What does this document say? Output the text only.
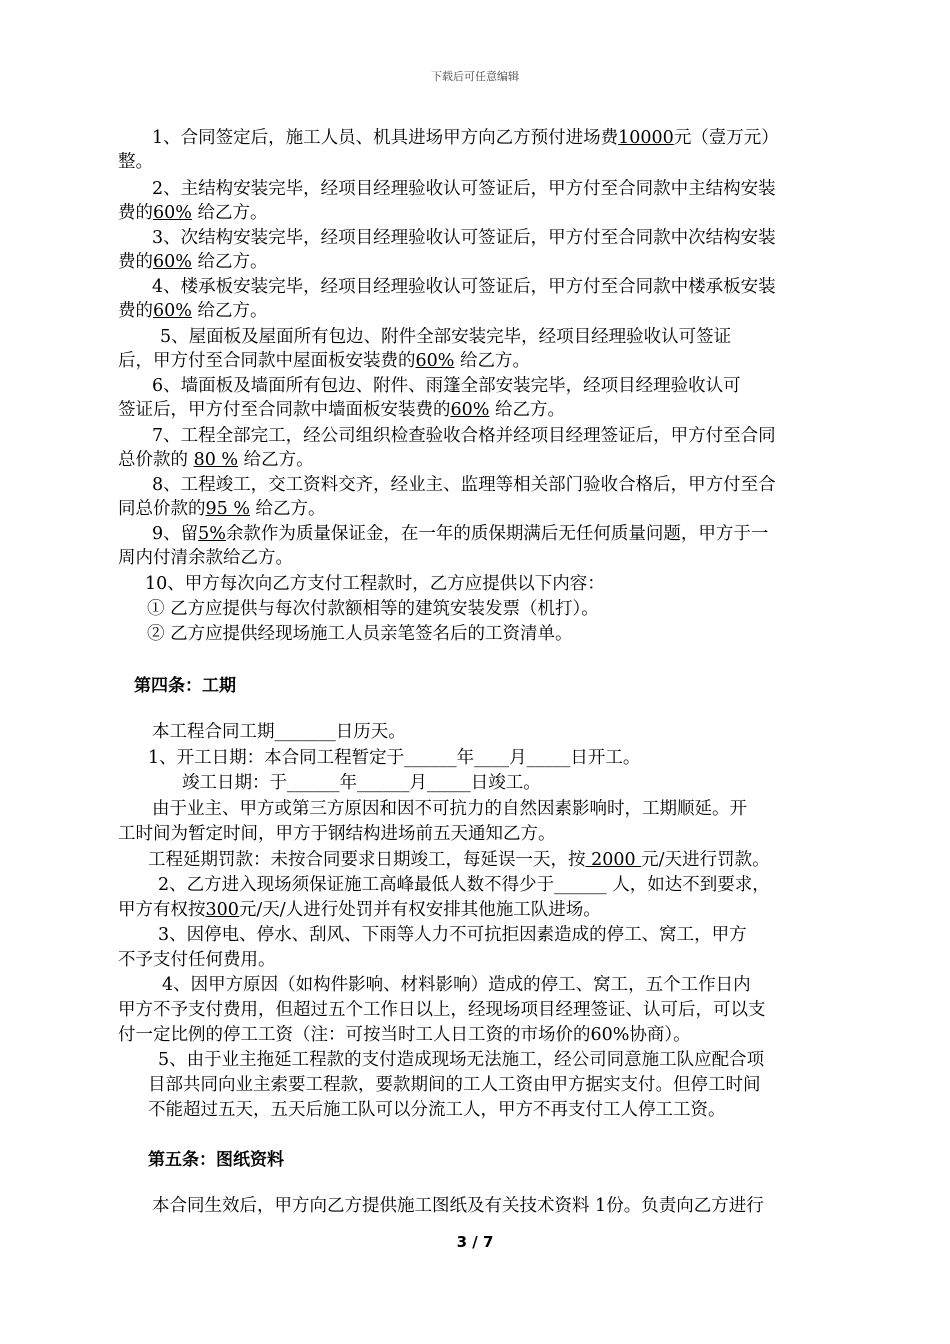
下载后可任意编辑
1、合同签定后，施工人员、机具进场甲方向乙方预付进场费10000元（壹万元）
整。
2、主结构安装完毕，经项目经理验收认可签证后，甲方付至合同款中主结构安装
费的60% 给乙方。
3、次结构安装完毕，经项目经理验收认可签证后，甲方付至合同款中次结构安装
费的60% 给乙方。
4、楼承板安装完毕，经项目经理验收认可签证后，甲方付至合同款中楼承板安装
费的60% 给乙方。
5、屋面板及屋面所有包边、附件全部安装完毕，经项目经理验收认可签证
后，甲方付至合同款中屋面板安装费的60% 给乙方。
6、墙面板及墙面所有包边、附件、雨篷全部安装完毕，经项目经理验收认可
签证后，甲方付至合同款中墙面板安装费的60% 给乙方。
7、工程全部完工，经公司组织检查验收合格并经项目经理签证后，甲方付至合同
总价款的 80 % 给乙方。
8、工程竣工，交工资料交齐，经业主、监理等相关部门验收合格后，甲方付至合
同总价款的95 % 给乙方。
9、留5%余款作为质量保证金，在一年的质保期满后无任何质量问题，甲方于一
周内付清余款给乙方。
10、甲方每次向乙方支付工程款时，乙方应提供以下内容：
① 乙方应提供与每次付款额相等的建筑安装发票（机打）。
② 乙方应提供经现场施工人员亲笔签名后的工资清单。
第四条：工期
本工程合同工期_______日历天。
1、开工日期：本合同工程暂定于______年____月_____日开工。
竣工日期：于______年______月_____日竣工。
由于业主、甲方或第三方原因和因不可抗力的自然因素影响时，工期顺延。开
工时间为暂定时间，甲方于钢结构进场前五天通知乙方。
工程延期罚款：未按合同要求日期竣工，每延误一天，按 2000 元/天进行罚款。
2、乙方进入现场须保证施工高峰最低人数不得少于______ 人，如达不到要求，
甲方有权按300元/天/人进行处罚并有权安排其他施工队进场。
3、因停电、停水、刮风、下雨等人力不可抗拒因素造成的停工、窝工，甲方
不予支付任何费用。
4、因甲方原因（如构件影响、材料影响）造成的停工、窝工，五个工作日内
甲方不予支付费用，但超过五个工作日以上，经现场项目经理签证、认可后，可以支
付一定比例的停工工资（注：可按当时工人日工资的市场价的60%协商）。
5、由于业主拖延工程款的支付造成现场无法施工，经公司同意施工队应配合项
目部共同向业主索要工程款，要款期间的工人工资由甲方据实支付。但停工时间
不能超过五天，五天后施工队可以分流工人，甲方不再支付工人停工工资。
第五条：图纸资料
本合同生效后，甲方向乙方提供施工图纸及有关技术资料 1份。负责向乙方进行
3 / 7
